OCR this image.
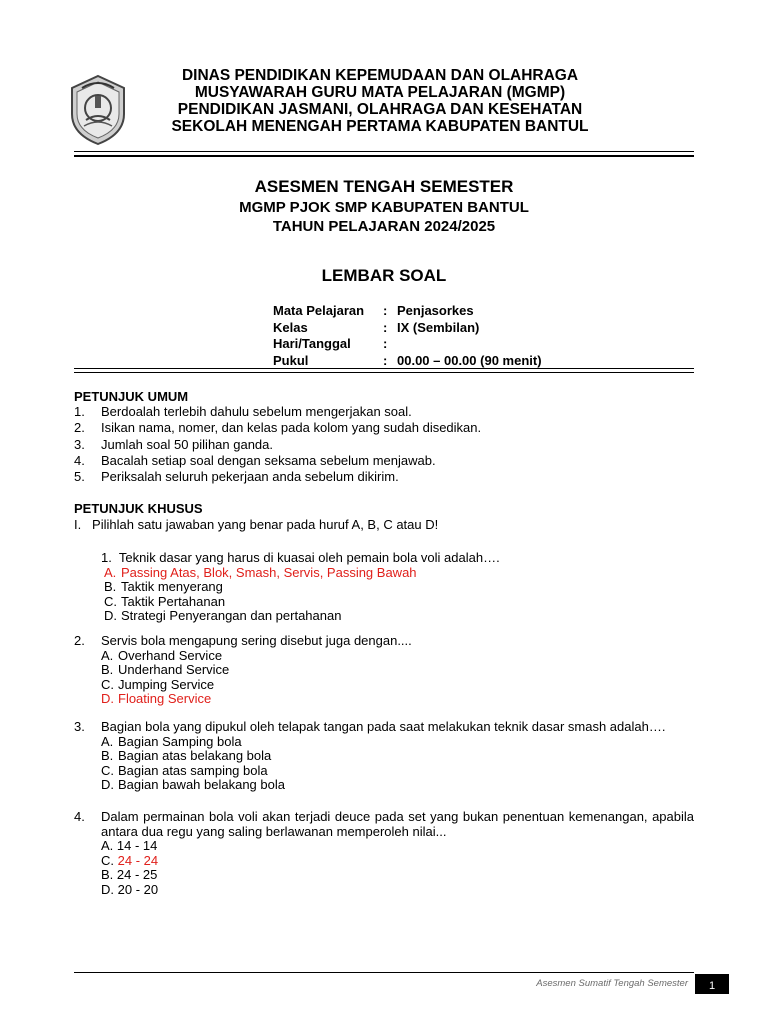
DINAS PENDIDIKAN KEPEMUDAAN DAN OLAHRAGA
MUSYAWARAH GURU MATA PELAJARAN (MGMP)
PENDIDIKAN JASMANI, OLAHRAGA DAN KESEHATAN
SEKOLAH MENENGAH PERTAMA KABUPATEN BANTUL
ASESMEN TENGAH SEMESTER
MGMP PJOK SMP KABUPATEN BANTUL
TAHUN PELAJARAN 2024/2025
LEMBAR SOAL
Mata Pelajaran	: Penjasorkes
Kelas	: IX (Sembilan)
Hari/Tanggal	:
Pukul	: 00.00 – 00.00 (90 menit)
PETUNJUK UMUM
1.	Berdoalah terlebih dahulu sebelum mengerjakan soal.
2.	Isikan nama, nomer, dan kelas pada kolom yang sudah disedikan.
3.	Jumlah soal 50 pilihan ganda.
4.	Bacalah setiap soal dengan seksama sebelum menjawab.
5.	Periksalah seluruh pekerjaan anda sebelum dikirim.
PETUNJUK KHUSUS
I.   Pilihlah satu jawaban yang benar pada huruf A, B, C atau D!
1. Teknik dasar yang harus di kuasai oleh pemain bola voli adalah….
A. Passing Atas, Blok, Smash, Servis, Passing Bawah
B. Taktik menyerang
C. Taktik Pertahanan
D. Strategi Penyerangan dan pertahanan
2.	Servis bola mengapung sering disebut juga dengan....
A. Overhand Service
B. Underhand Service
C. Jumping Service
D. Floating Service
3.	Bagian bola yang dipukul oleh telapak tangan pada saat melakukan teknik dasar smash adalah….
A. Bagian Samping bola
B. Bagian atas belakang bola
C. Bagian atas samping bola
D. Bagian bawah belakang bola
4.	Dalam permainan bola voli akan terjadi deuce pada set yang bukan penentuan kemenangan, apabila
antara dua regu yang saling berlawanan memperoleh nilai...
A. 14 - 14
C. 24 - 24
B. 24 - 25
D. 20 - 20
Asesmen Sumatif Tengah Semester	1
